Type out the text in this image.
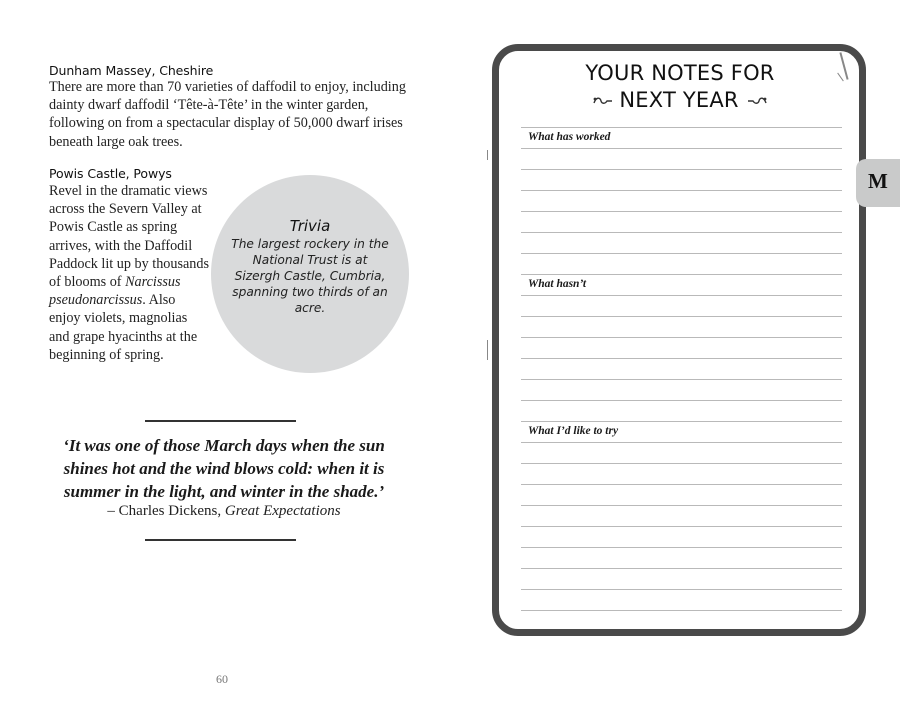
Dunham Massey, Cheshire
There are more than 70 varieties of daffodil to enjoy, including dainty dwarf daffodil ‘Tête-à-Tête’ in the winter garden, following on from a spectacular display of 50,000 dwarf irises beneath large oak trees.
Powis Castle, Powys
Revel in the dramatic views across the Severn Valley at Powis Castle as spring arrives, with the Daffodil Paddock lit up by thousands of blooms of Narcissus pseudonarcissus. Also enjoy violets, magnolias and grape hyacinths at the beginning of spring.
Trivia
The largest rockery in the National Trust is at Sizergh Castle, Cumbria, spanning two thirds of an acre.
‘It was one of those March days when the sun shines hot and the wind blows cold: when it is summer in the light, and winter in the shade.’
– Charles Dickens, Great Expectations
60
YOUR NOTES FOR
NEXT YEAR
What has worked
What hasn’t
What I’d like to try
M
